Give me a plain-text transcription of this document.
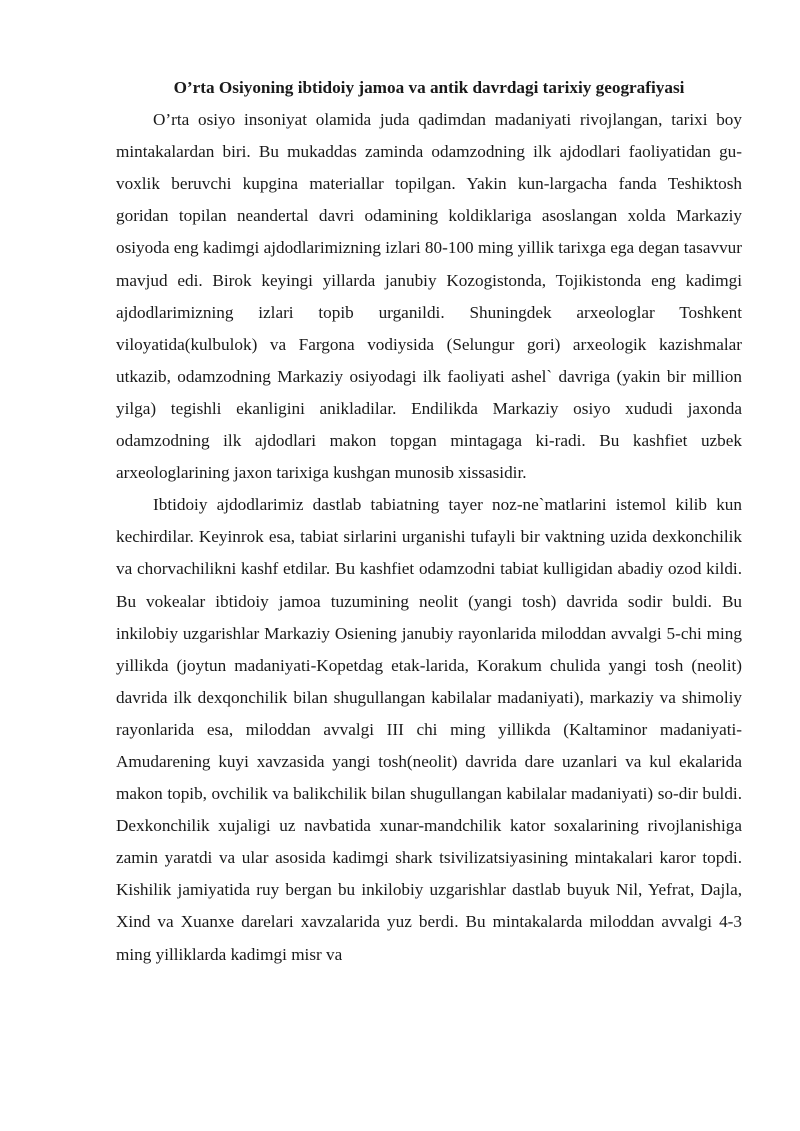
O’rta Osiyoning ibtidoiy jamoa va antik davrdagi tarixiy geografiyasi

O’rta osiyo insoniyat olamida juda qadimdan madaniyati rivojlangan, tarixi boy mintakalardan biri. Bu mukaddas zaminda odamzodning ilk ajdodlari faoliyatidan gu-voxlik beruvchi kupgina materiallar topilgan. Yakin kun-largacha fanda Teshiktosh goridan topilan neandertal davri odamining koldiklariga asoslangan xolda Markaziy osiyoda eng kadimgi ajdodlarimizning izlari 80-100 ming yillik tarixga ega degan tasavvur mavjud edi. Birok keyingi yillarda janubiy Kozogistonda, Tojikistonda eng kadimgi ajdodlarimizning izlari topib urganildi. Shuningdek arxeologlar Toshkent viloyatida(kulbulok) va Fargona vodiysida (Selungur gori) arxeologik kazishmalar utkazib, odamzodning Markaziy osiyodagi ilk faoliyati ashel` davriga (yakin bir million yilga) tegishli ekanligini anikladilar. Endilikda Markaziy osiyo xududi jaxonda odamzodning ilk ajdodlari makon topgan mintagaga ki-radi. Bu kashfiet uzbek arxeologlarining jaxon tarixiga kushgan munosib xissasidir.

Ibtidoiy ajdodlarimiz dastlab tabiatning tayer noz-ne`matlarini istemol kilib kun kechirdilar. Keyinrok esa, tabiat sirlarini urganishi tufayli bir vaktning uzida dexkonchilik va chorvachilikni kashf etdilar. Bu kashfiet odamzodni tabiat kulligidan abadiy ozod kildi. Bu vokealar ibtidoiy jamoa tuzumining neolit (yangi tosh) davrida sodir buldi. Bu inkilobiy uzgarishlar Markaziy Osiening janubiy rayonlarida miloddan avvalgi 5-chi ming yillikda (joytun madaniyati-Kopetdag etak-larida, Korakum chulida yangi tosh (neolit) davrida ilk dexqonchilik bilan shugullangan kabilalar madaniyati), markaziy va shimoliy rayonlarida esa, miloddan avvalgi III chi ming yillikda (Kaltaminor madaniyati-Amudarening kuyi xavzasida yangi tosh(neolit) davrida dare uzanlari va kul ekalarida makon topib, ovchilik va balikchilik bilan shugullangan kabilalar madaniyati) so-dir buldi. Dexkonchilik xujaligi uz navbatida xunar-mandchilik kator soxalarining rivojlanishiga zamin yaratdi va ular asosida kadimgi shark tsivilizatsiyasining mintakalari karor topdi. Kishilik jamiyatida ruy bergan bu inkilobiy uzgarishlar dastlab buyuk Nil, Yefrat, Dajla, Xind va Xuanxe darelari xavzalarida yuz berdi. Bu mintakalarda miloddan avvalgi 4-3 ming yilliklarda kadimgi misr va
